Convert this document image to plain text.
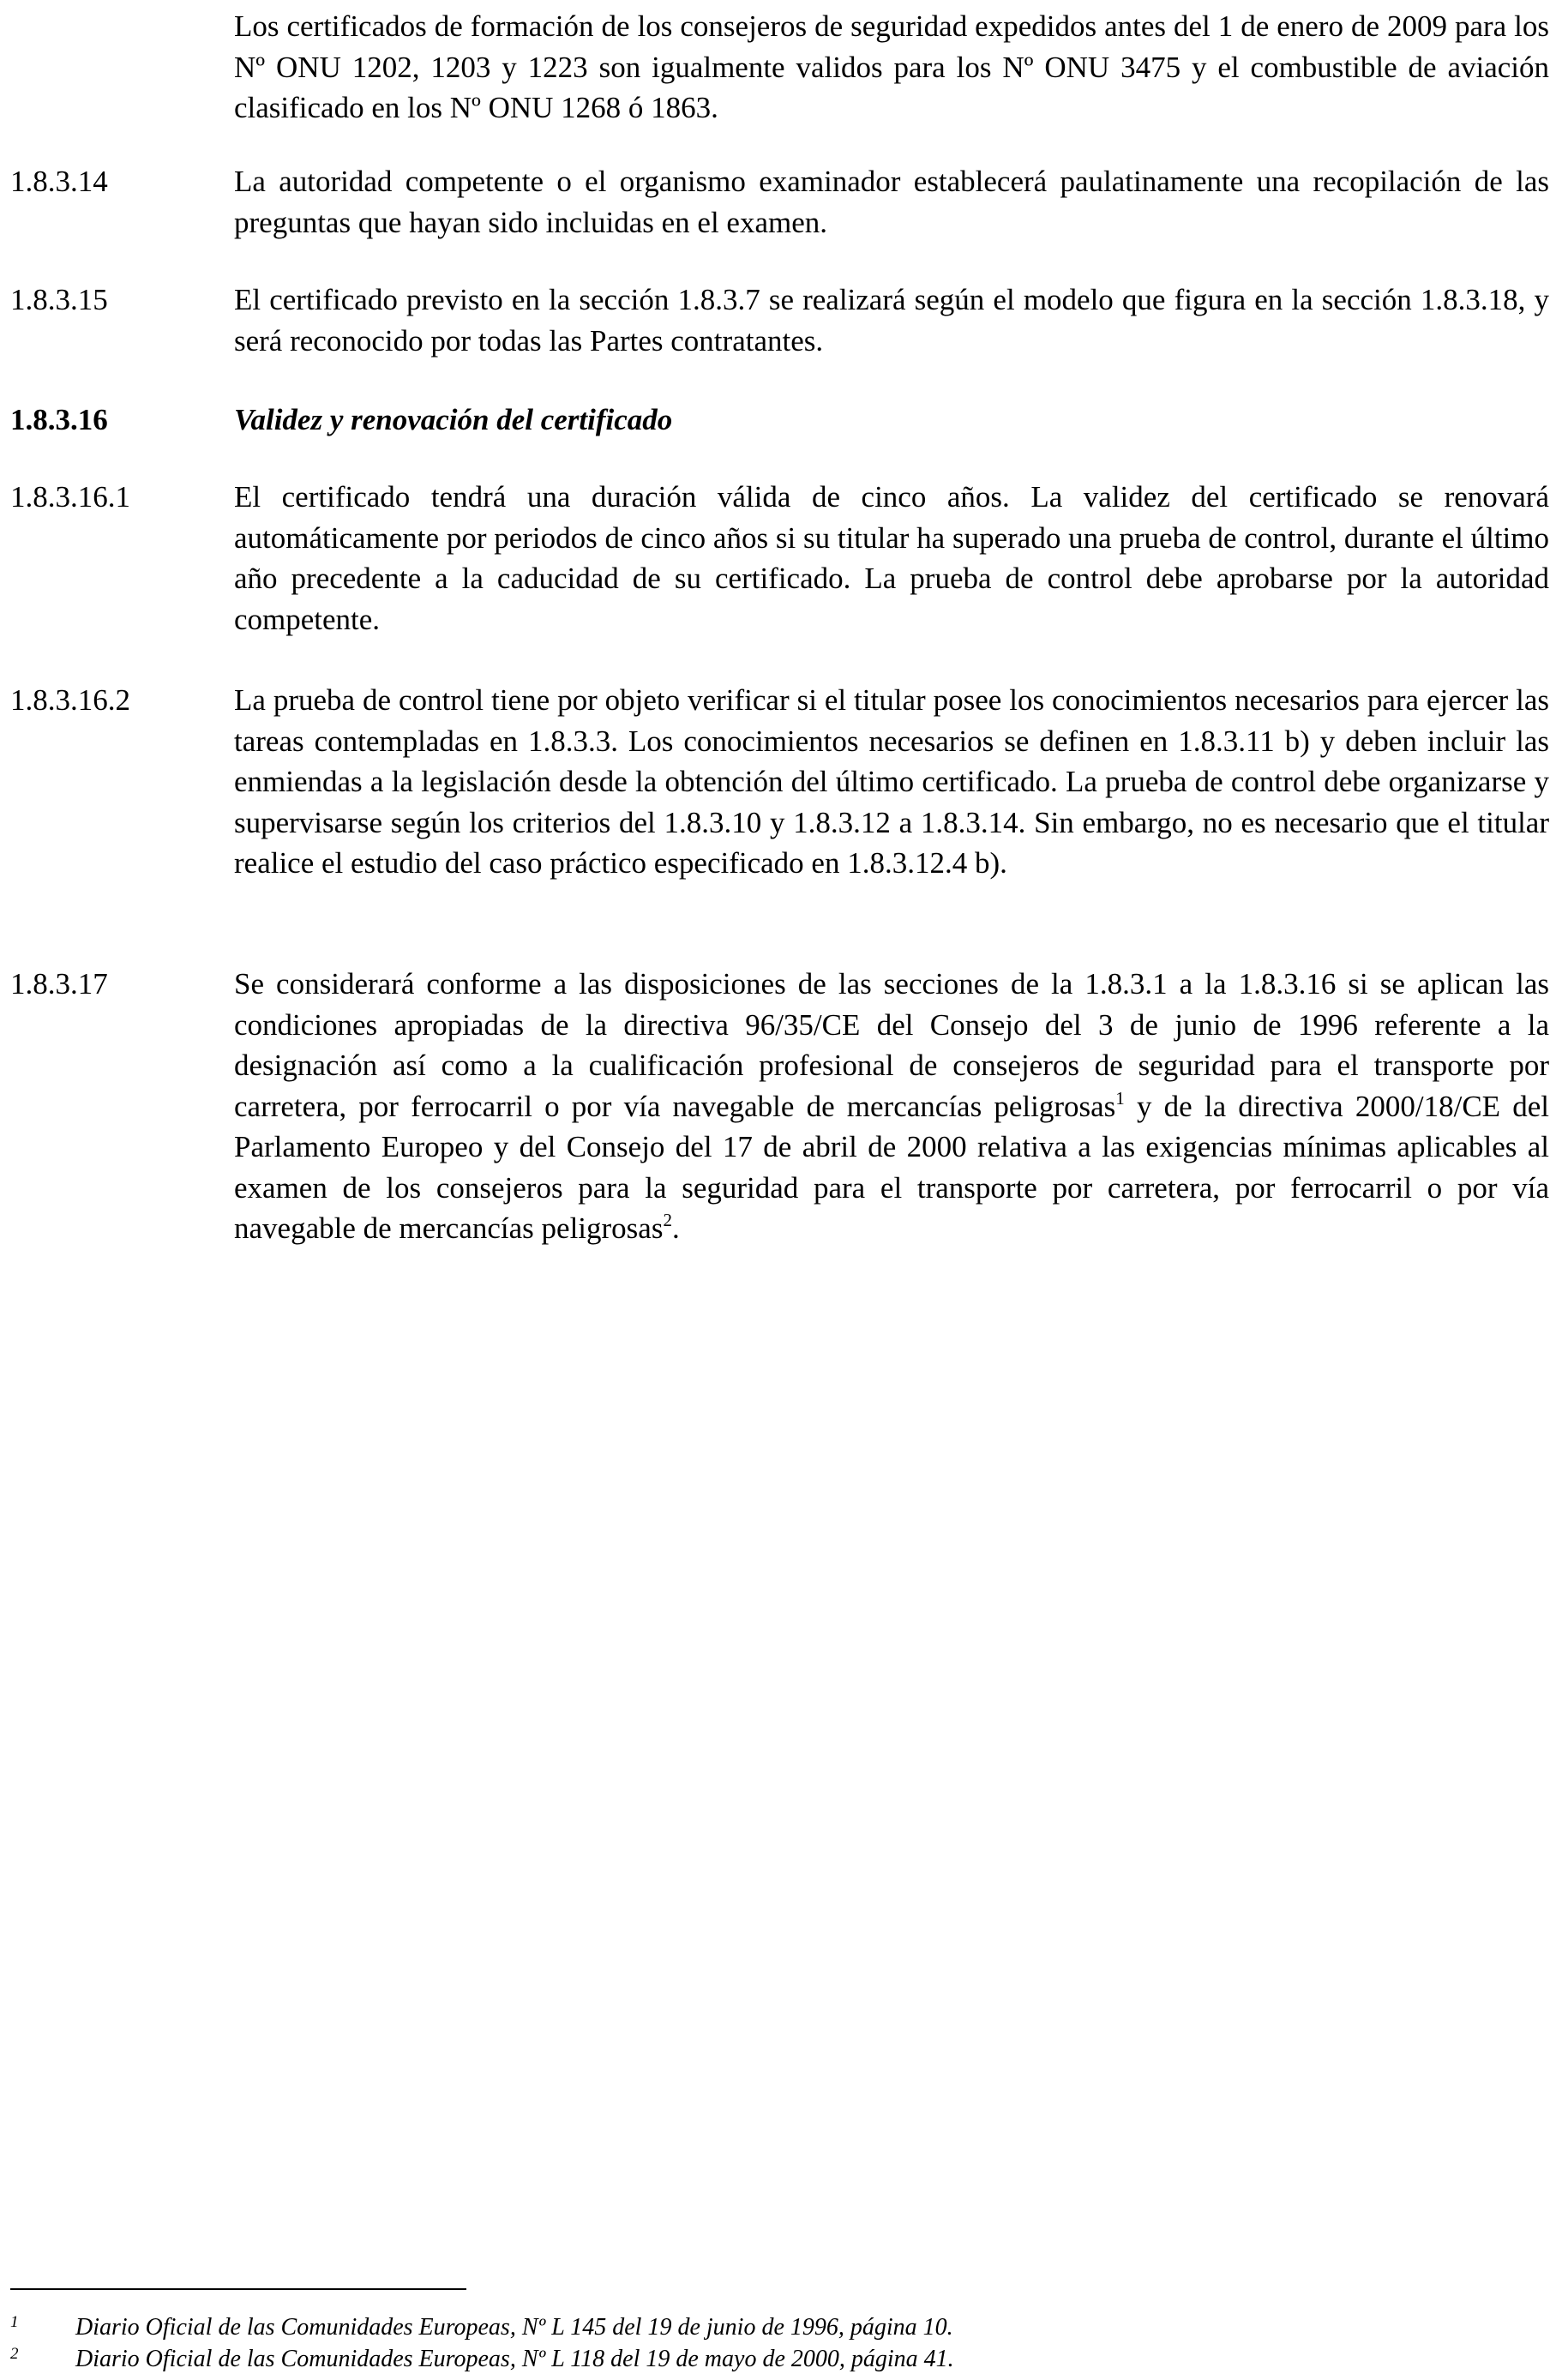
Los certificados de formación de los consejeros de seguridad expedidos antes del 1 de enero de 2009 para los Nº ONU 1202, 1203 y 1223 son igualmente validos para los Nº ONU 3475 y el combustible de aviación clasificado en los Nº ONU 1268 ó 1863.
1.8.3.14	La autoridad competente o el organismo examinador establecerá paulatinamente una recopilación de las preguntas que hayan sido incluidas en el examen.
1.8.3.15	El certificado previsto en la sección 1.8.3.7 se realizará según el modelo que figura en la sección 1.8.3.18, y será reconocido por todas las Partes contratantes.
1.8.3.16	Validez y renovación del certificado
1.8.3.16.1	El certificado tendrá una duración válida de cinco años. La validez del certificado se renovará automáticamente por periodos de cinco años si su titular ha superado una prueba de control, durante el último año precedente a la caducidad de su certificado. La prueba de control debe aprobarse por la autoridad competente.
1.8.3.16.2	La prueba de control tiene por objeto verificar si el titular posee los conocimientos necesarios para ejercer las tareas contempladas en 1.8.3.3. Los conocimientos necesarios se definen en 1.8.3.11 b) y deben incluir las enmiendas a la legislación desde la obtención del último certificado. La prueba de control debe organizarse y supervisarse según los criterios del 1.8.3.10 y 1.8.3.12 a 1.8.3.14. Sin embargo, no es necesario que el titular realice el estudio del caso práctico especificado en 1.8.3.12.4 b).
1.8.3.17	Se considerará conforme a las disposiciones de las secciones de la 1.8.3.1 a la 1.8.3.16 si se aplican las condiciones apropiadas de la directiva 96/35/CE del Consejo del 3 de junio de 1996 referente a la designación así como a la cualificación profesional de consejeros de seguridad para el transporte por carretera, por ferrocarril o por vía navegable de mercancías peligrosas$^1$ y de la directiva 2000/18/CE del Parlamento Europeo y del Consejo del 17 de abril de 2000 relativa a las exigencias mínimas aplicables al examen de los consejeros para la seguridad para el transporte por carretera, por ferrocarril o por vía navegable de mercancías peligrosas$^2$.
1 Diario Oficial de las Comunidades Europeas, Nº L 145 del 19 de junio de 1996, página 10.
2 Diario Oficial de las Comunidades Europeas, Nº L 118 del 19 de mayo de 2000, página 41.
